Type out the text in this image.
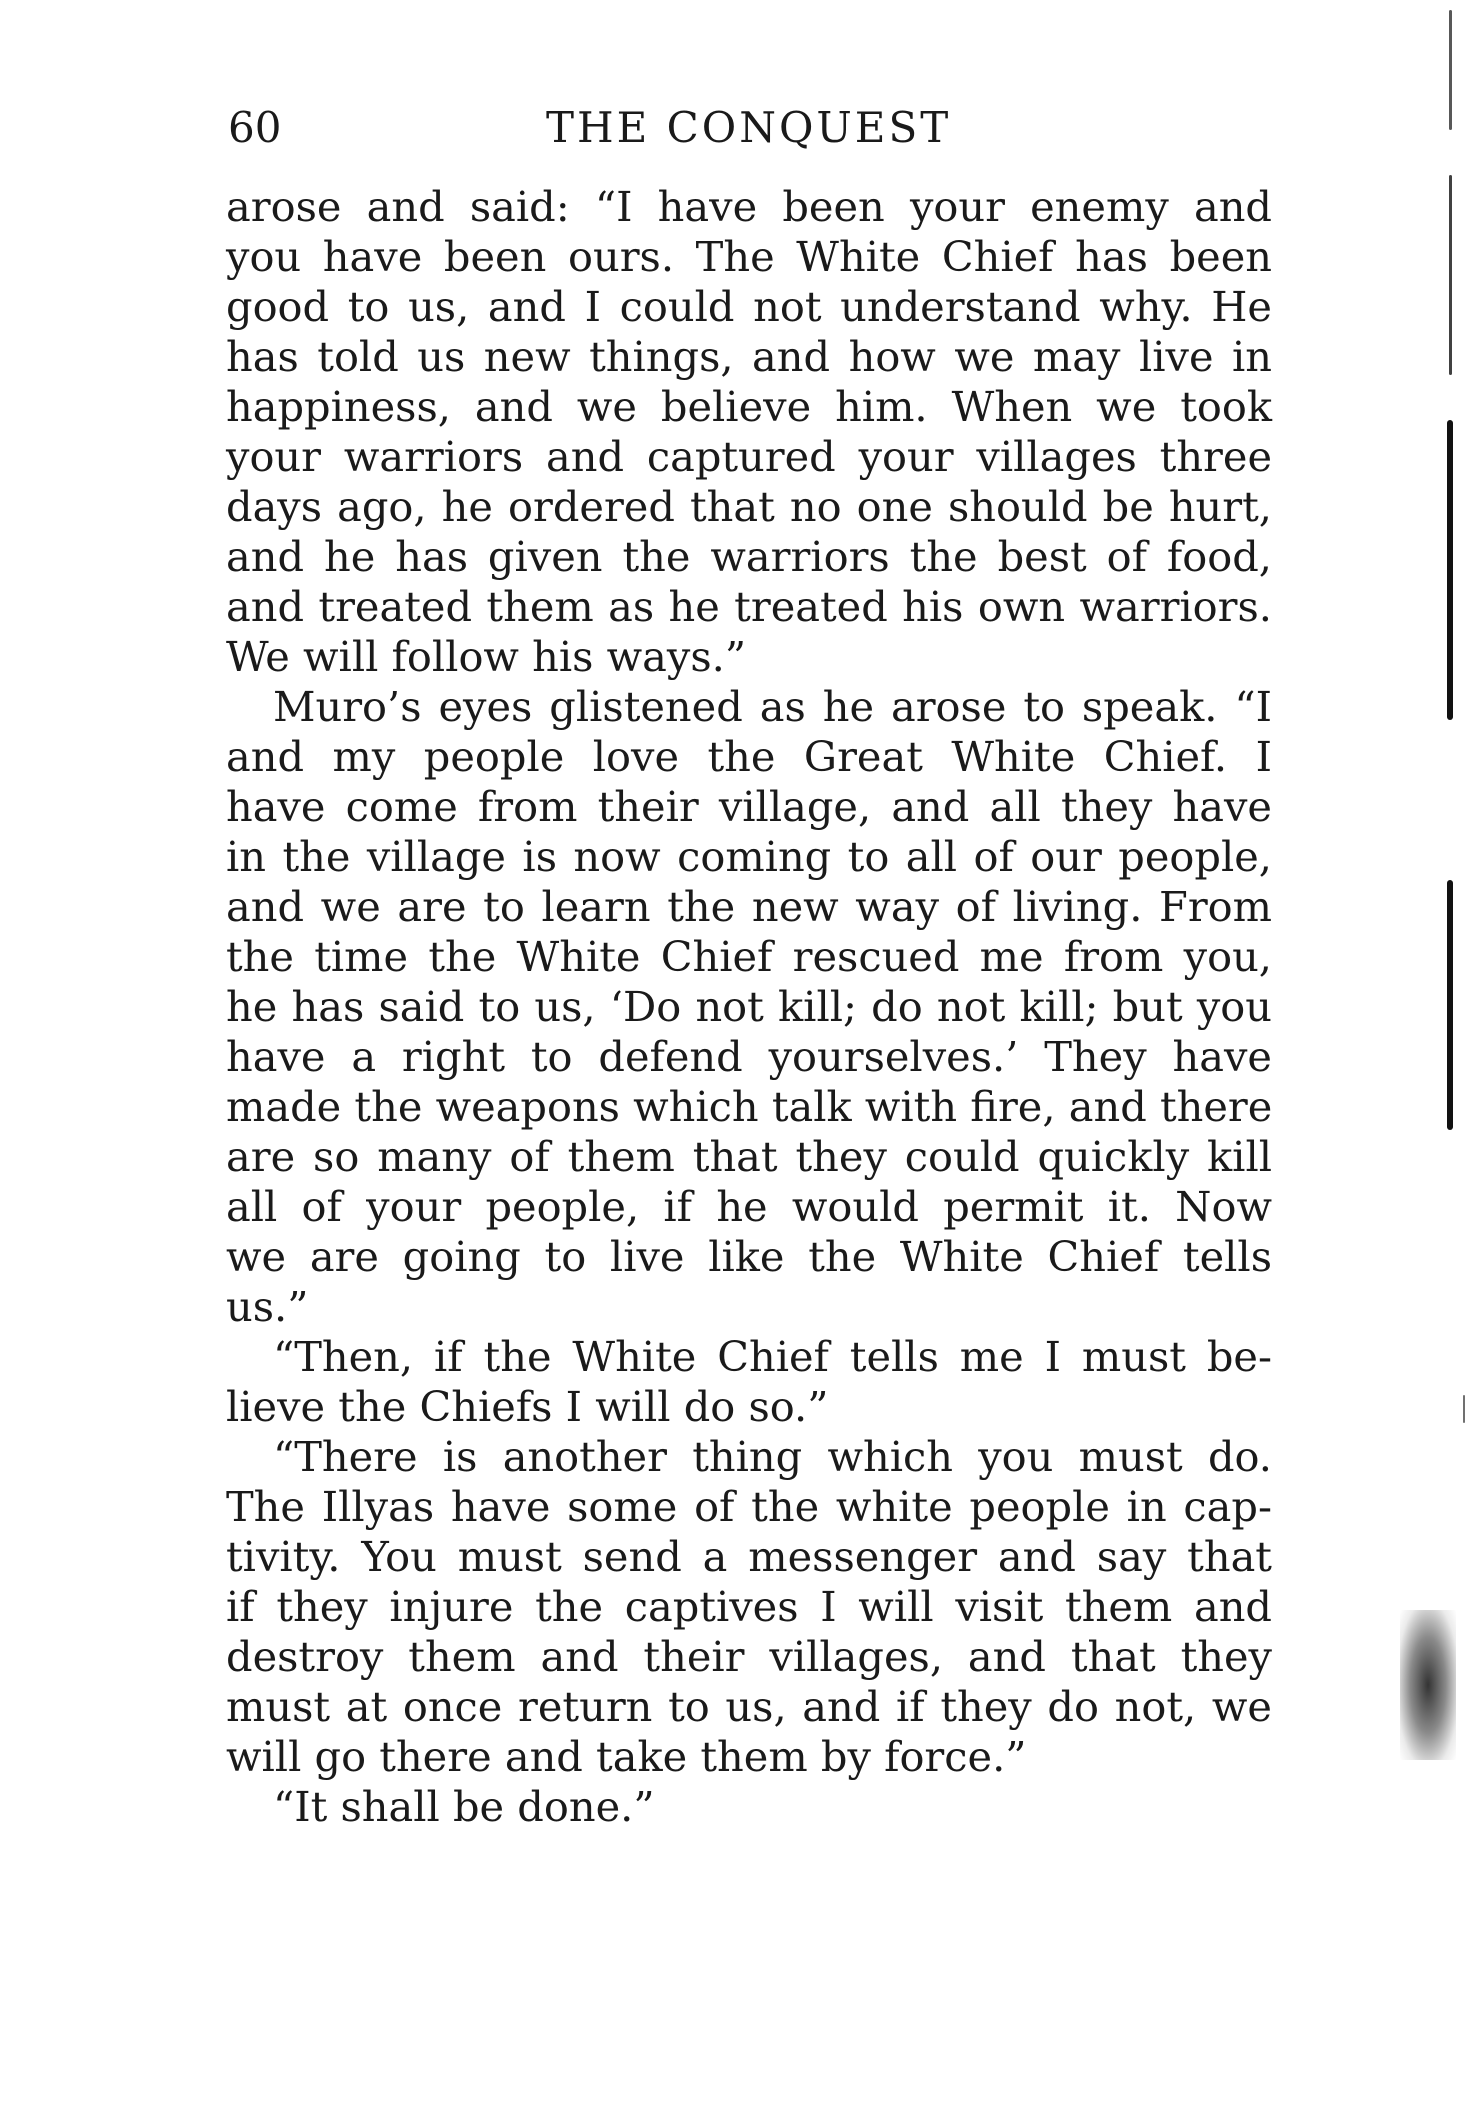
60	THE CONQUEST
arose and said: “I have been your enemy and
you have been ours. The White Chief has been
good to us, and I could not understand why. He
has told us new things, and how we may live in
happiness, and we believe him. When we took
your warriors and captured your villages three
days ago, he ordered that no one should be hurt,
and he has given the warriors the best of food,
and treated them as he treated his own warriors.
We will follow his ways.”
Muro’s eyes glistened as he arose to speak. “I
and my people love the Great White Chief. I
have come from their village, and all they have
in the village is now coming to all of our people,
and we are to learn the new way of living. From
the time the White Chief rescued me from you,
he has said to us, ‘Do not kill; do not kill; but you
have a right to defend yourselves.’ They have
made the weapons which talk with fire, and there
are so many of them that they could quickly kill
all of your people, if he would permit it. Now
we are going to live like the White Chief tells
us.”
“Then, if the White Chief tells me I must be-
lieve the Chiefs I will do so.”
“There is another thing which you must do.
The Illyas have some of the white people in cap-
tivity. You must send a messenger and say that
if they injure the captives I will visit them and
destroy them and their villages, and that they
must at once return to us, and if they do not, we
will go there and take them by force.”
“It shall be done.”
